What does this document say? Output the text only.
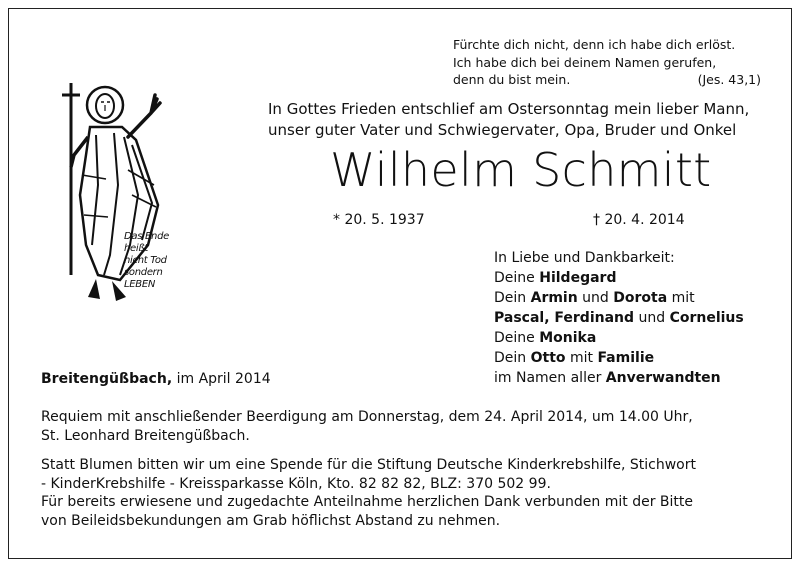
Fürchte dich nicht, denn ich habe dich erlöst.
Ich habe dich bei deinem Namen gerufen,
denn du bist mein.	(Jes. 43,1)
Das Ende
heißt
nicht Tod
sondern
LEBEN
In Gottes Frieden entschlief am Ostersonntag mein lieber Mann,
unser guter Vater und Schwiegervater, Opa, Bruder und Onkel
Wilhelm Schmitt
* 20. 5. 1937	† 20. 4. 2014
In Liebe und Dankbarkeit:
Deine Hildegard
Dein Armin und Dorota mit
Pascal, Ferdinand und Cornelius
Deine Monika
Dein Otto mit Familie
im Namen aller Anverwandten
Breitengüßbach, im April 2014
Requiem mit anschließender Beerdigung am Donnerstag, dem 24. April 2014, um 14.00 Uhr,
St. Leonhard Breitengüßbach.
Statt Blumen bitten wir um eine Spende für die Stiftung Deutsche Kinderkrebshilfe, Stichwort
- KinderKrebshilfe - Kreissparkasse Köln, Kto. 82 82 82, BLZ: 370 502 99.
Für bereits erwiesene und zugedachte Anteilnahme herzlichen Dank verbunden mit der Bitte
von Beileidsbekundungen am Grab höflichst Abstand zu nehmen.
